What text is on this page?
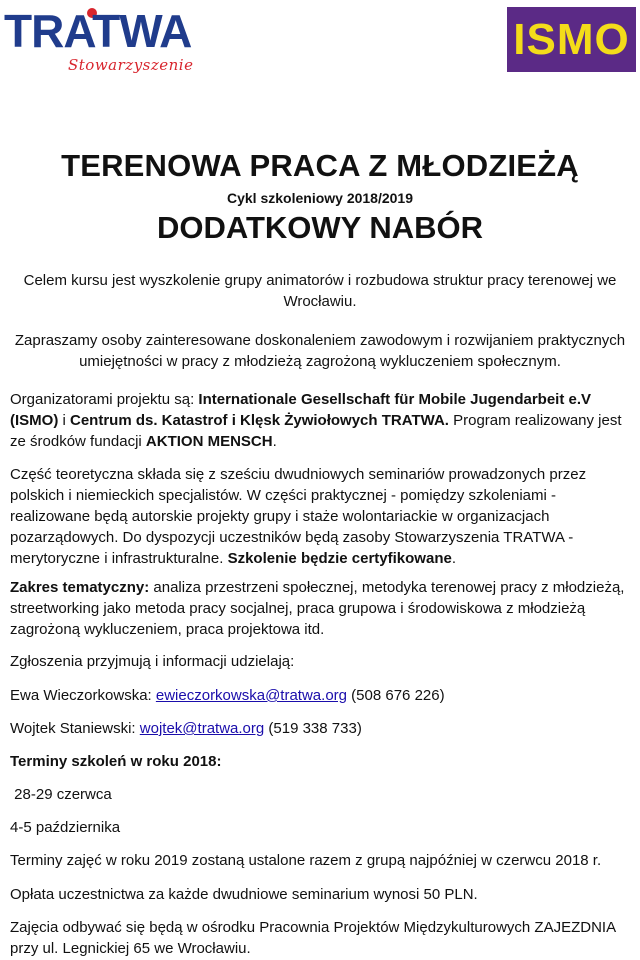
TRATWA
Stowarzyszenie
ISMO
TERENOWA PRACA Z MŁODZIEŻĄ
Cykl szkoleniowy 2018/2019
DODATKOWY NABÓR
Celem kursu jest wyszkolenie grupy animatorów i rozbudowa struktur pracy terenowej we Wrocławiu.
Zapraszamy osoby zainteresowane doskonaleniem zawodowym i rozwijaniem praktycznych umiejętności w pracy z młodzieżą zagrożoną wykluczeniem społecznym.
Organizatorami projektu są: Internationale Gesellschaft für Mobile Jugendarbeit e.V (ISMO) i Centrum ds. Katastrof i Klęsk Żywiołowych TRATWA. Program realizowany jest ze środków fundacji AKTION MENSCH.
Część teoretyczna składa się z sześciu dwudniowych seminariów prowadzonych przez polskich i niemieckich specjalistów. W części praktycznej - pomiędzy szkoleniami - realizowane będą autorskie projekty grupy i staże wolontariackie w organizacjach pozarządowych. Do dyspozycji uczestników będą zasoby Stowarzyszenia TRATWA - merytoryczne i infrastrukturalne. Szkolenie będzie certyfikowane.
Zakres tematyczny: analiza przestrzeni społecznej, metodyka terenowej pracy z młodzieżą, streetworking jako metoda pracy socjalnej, praca grupowa i środowiskowa z młodzieżą zagrożoną wykluczeniem, praca projektowa itd.
Zgłoszenia przyjmują i informacji udzielają:
Ewa Wieczorkowska: ewieczorkowska@tratwa.org (508 676 226)
Wojtek Staniewski: wojtek@tratwa.org (519 338 733)
Terminy szkoleń w roku 2018:
28-29 czerwca
4-5 października
Terminy zajęć w roku 2019 zostaną ustalone razem z grupą najpóźniej w czerwcu 2018 r.
Opłata uczestnictwa za każde dwudniowe seminarium wynosi 50 PLN.
Zajęcia odbywać się będą w ośrodku Pracownia Projektów Międzykulturowych ZAJEZDNIA przy ul. Legnickiej 65 we Wrocławiu.
